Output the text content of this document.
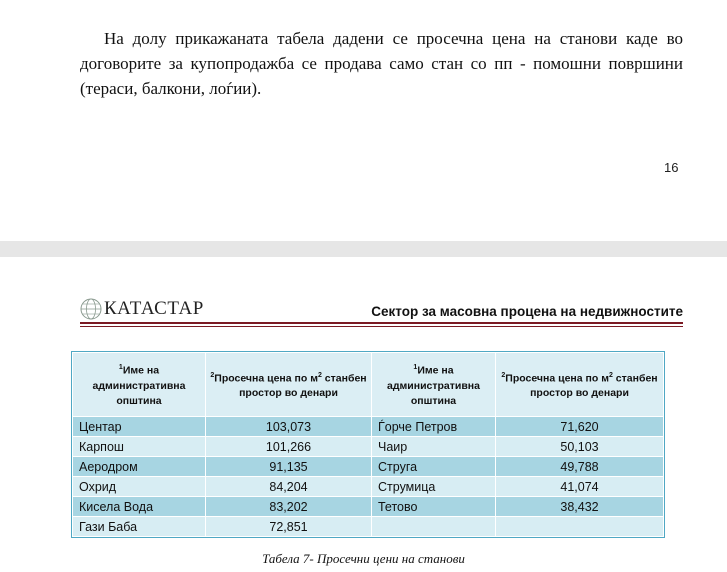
На долу прикажаната табела дадени се просечна цена на станови каде во договорите за купопродажба се продава само стан со пп - помошни површини (тераси, балкони, лоѓии).

16
КАТАСТАР	Сектор за масовна процена на недвижностите
$^1$Име на административна општина	$^2$Просечна цена по $м^2$ станбен простор во денари	$^1$Име на административна општина	$^2$Просечна цена по $м^2$ станбен простор во денари
Центар	103,073	Ѓорче Петров	71,620
Карпош	101,266	Чаир	50,103
Аеродром	91,135	Струга	49,788
Охрид	84,204	Струмица	41,074
Кисела Вода	83,202	Тетово	38,432
Гази Баба	72,851		
Табела 7- Просечни цени на станови
